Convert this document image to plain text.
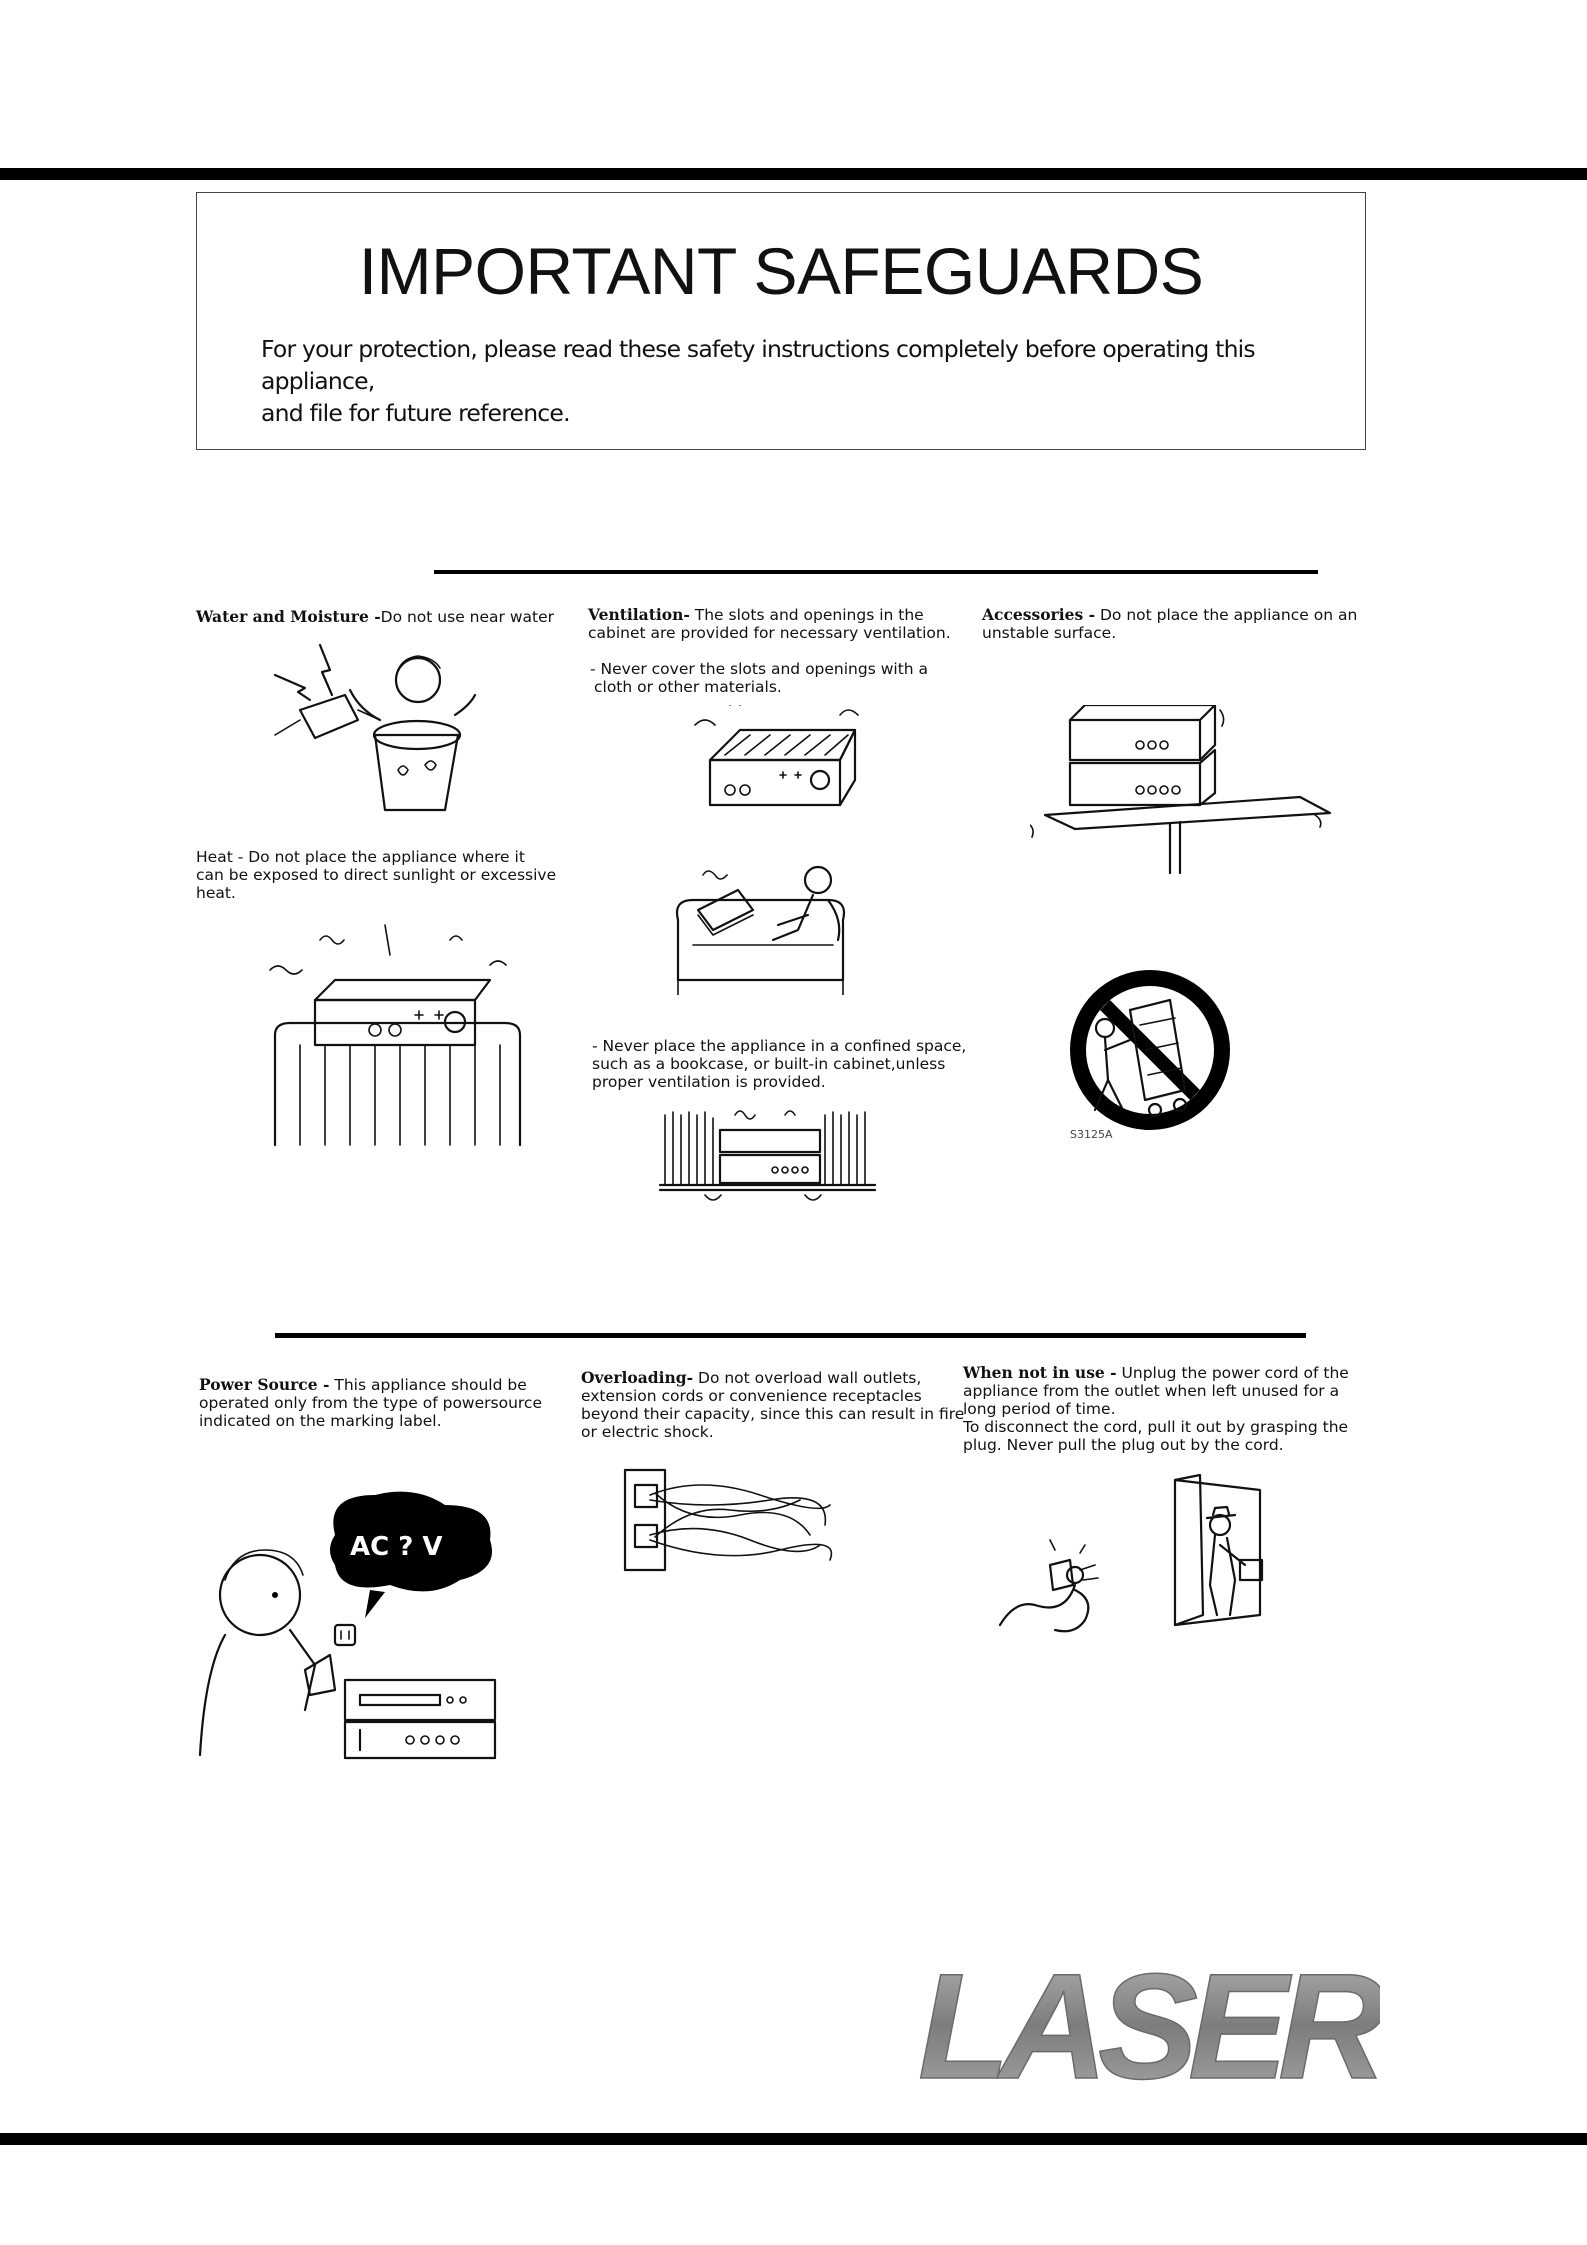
IMPORTANT SAFEGUARDS
For your protection, please read these safety instructions completely before operating this appliance,
and file for future reference.
Water and Moisture -Do not use near water
Heat - Do not place the appliance where it
can be exposed to direct sunlight or excessive
heat.
Ventilation- The slots and openings in the
cabinet are provided for necessary ventilation.
- Never cover the slots and openings with a
cloth or other materials.
- Never place the appliance in a confined space,
such as a bookcase, or built-in cabinet,unless
proper ventilation is provided.
Accessories - Do not place the appliance on an
unstable surface.
S3125A
Power Source - This appliance should be
operated only from the type of powersource
indicated on the marking label.
AC ? V
Overloading- Do not overload wall outlets,
extension cords or convenience receptacles
beyond their capacity, since this can result in fire
or electric shock.
When not in use - Unplug the power cord of the
appliance from the outlet when left unused for a
long period of time.
To disconnect the cord, pull it out by grasping the
plug. Never pull the plug out by the cord.
LASER
